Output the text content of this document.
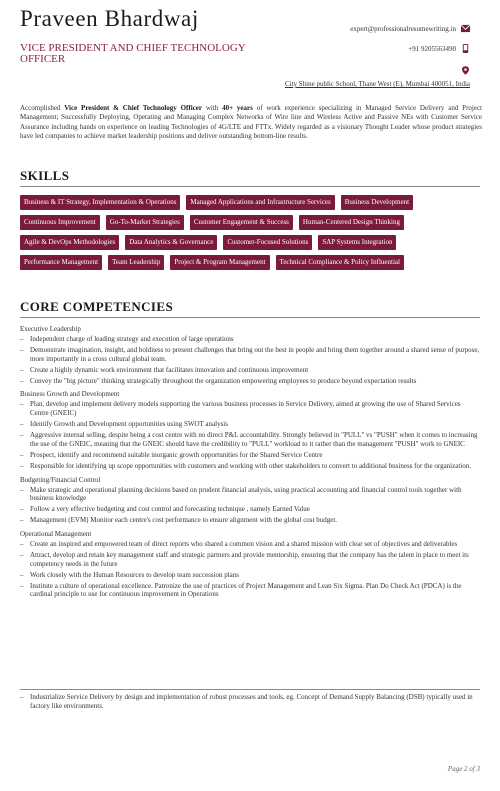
Praveen Bhardwaj
VICE PRESIDENT AND CHIEF TECHNOLOGY OFFICER
expert@professionalresumewriting.in
+91 9205563490
City Shine public School, Thane West (E), Mumbai 400051, India
Accomplished Vice President & Chief Technology Officer with 40+ years of work experience specializing in Managed Service Delivery and Project Management; Successfully Deploying, Operating and Managing Complex Networks of Wire line and Wireless Active and Passive NEs with Customer Service Assurance including hands on experience on leading Technologies of 4G/LTE and FTTx. Widely regarded as a visionary Thought Leader whose product strategies have led companies to achieve market leadership positions and deliver outstanding bottom-line results.
SKILLS
Business & IT Strategy, Implementation & Operations	Managed Applications and Infrastructure Services	Business Development
Continuous Improvement	Go-To-Market Strategies	Customer Engagement & Success	Human-Centered Design Thinking
Agile & DevOps Methodologies	Data Analytics & Governance	Customer-Focused Solutions	SAP Systems Integration
Performance Management	Team Leadership	Project & Program Management	Technical Compliance & Policy Influential
CORE COMPETENCIES
Executive Leadership
– Independent charge of leading strategy and execution of large operations
– Demonstrate imagination, insight, and boldness to present challenges that bring out the best in people and bring them together around a shared sense of purpose, more importantly in a cross cultural global team.
– Create a highly dynamic work environment that facilitates innovation and continuous improvement
– Convey the "big picture" thinking strategically throughout the organization empowering employees to produce beyond expectation results
Business Growth and Development
– Plan, develop and implement delivery models supporting the various business processes in Service Delivery, aimed at growing the use of Shared Services Centre (GNEIC)
– Identify Growth and Development opportunities using SWOT analysis
– Aggressive internal selling, despite being a cost centre with no direct P&L accountability. Strongly believed in "PULL" vs "PUSH" when it comes to increasing the use of the GNEIC, meaning that the GNEIC should have the credibility to "PULL" workload to it rather than the management "PUSH" work to GNEIC
– Prospect, identify and recommend suitable inorganic growth opportunities for the Shared Service Centre
– Responsible for identifying up scope opportunities with customers and working with other stakeholders to convert to additional business for the organization.
Budgeting/Financial Control
– Make strategic and operational planning decisions based on prudent financial analysis, using practical accounting and financial control tools together with business knowledge
– Follow a very effective budgeting and cost control and forecasting technique , namely Earned Value
– Management (EVM) Monitor each centre's cost performance to ensure alignment with the global cost budget.
Operational Management
– Create an inspired and empowered team of direct reports who shared a common vision and a shared mission with clear set of objectives and deliverables
– Attract, develop and retain key management staff and strategic partners and provide mentorship, ensuring that the company has the talent in place to meet its competency needs in the future
– Work closely with the Human Resources to develop team succession plans
– Institute a culture of operational excellence. Patronize the use of practices of Project Management and Lean Six Sigma. Plan Do Check Act (PDCA) is the cardinal principle to use for continuous improvement in Operations
– Industrialize Service Delivery by design and implementation of robust processes and tools, eg. Concept of Demand Supply Balancing (DSB) typically used in factory like environments.
Page 2 of 3
